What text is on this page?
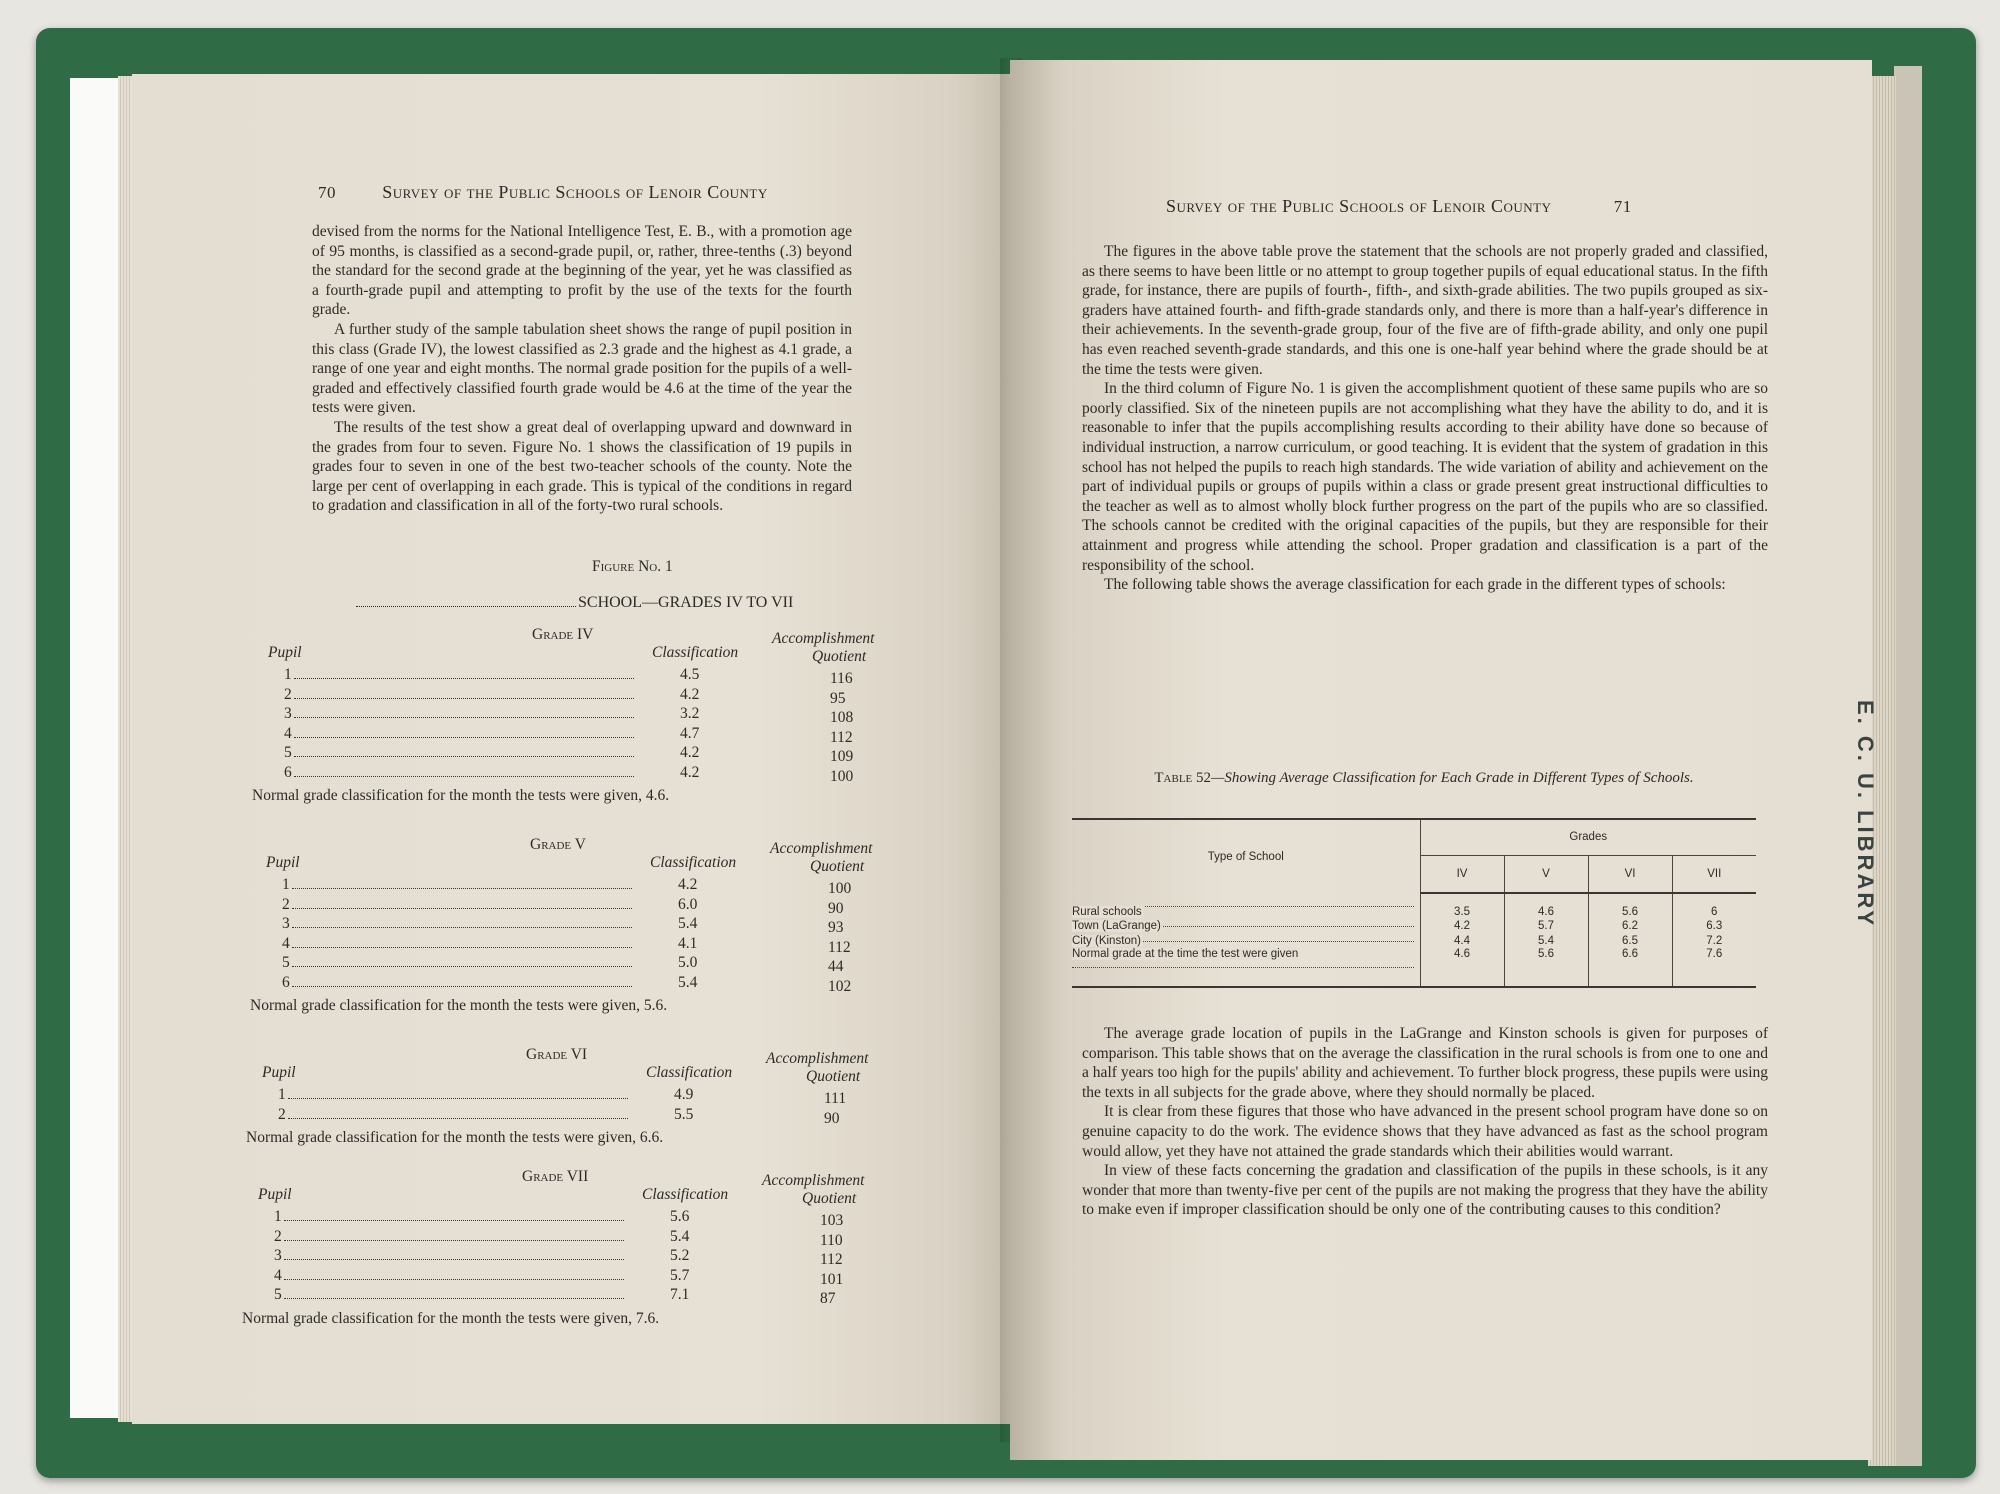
70	Survey of the Public Schools of Lenoir County

devised from the norms for the National Intelligence Test, E. B., with a promotion age of 95 months, is classified as a second-grade pupil, or, rather, three-tenths (.3) beyond the standard for the second grade at the beginning of the year, yet he was classified as a fourth-grade pupil and attempting to profit by the use of the texts for the fourth grade.

A further study of the sample tabulation sheet shows the range of pupil position in this class (Grade IV), the lowest classified as 2.3 grade and the highest as 4.1 grade, a range of one year and eight months. The normal grade position for the pupils of a well-graded and effectively classified fourth grade would be 4.6 at the time of the year the tests were given.

The results of the test show a great deal of overlapping upward and downward in the grades from four to seven. Figure No. 1 shows the classification of 19 pupils in grades four to seven in one of the best two-teacher schools of the county. Note the large per cent of overlapping in each grade. This is typical of the conditions in regard to gradation and classification in all of the forty-two rural schools.

Figure No. 1
SCHOOL—GRADES IV TO VII
Grade IV
Pupil	Classification
Accomplishment
Quotient
1	4.5	116
2	4.2	95
3	3.2	108
4	4.7	112
5	4.2	109
6	4.2	100
Normal grade classification for the month the tests were given, 4.6.
Grade V
Pupil	Classification
Accomplishment
Quotient
1	4.2	100
2	6.0	90
3	5.4	93
4	4.1	112
5	5.0	44
6	5.4	102
Normal grade classification for the month the tests were given, 5.6.
Grade VI
Pupil	Classification
Accomplishment
Quotient
1	4.9	111
2	5.5	90
Normal grade classification for the month the tests were given, 6.6.
Grade VII
Pupil	Classification
Accomplishment
Quotient
1	5.6	103
2	5.4	110
3	5.2	112
4	5.7	101
5	7.1	87
Normal grade classification for the month the tests were given, 7.6.
Survey of the Public Schools of Lenoir County	71

The figures in the above table prove the statement that the schools are not properly graded and classified, as there seems to have been little or no attempt to group together pupils of equal educational status. In the fifth grade, for instance, there are pupils of fourth-, fifth-, and sixth-grade abilities. The two pupils grouped as six-graders have attained fourth- and fifth-grade standards only, and there is more than a half-year's difference in their achievements. In the seventh-grade group, four of the five are of fifth-grade ability, and only one pupil has even reached seventh-grade standards, and this one is one-half year behind where the grade should be at the time the tests were given.

In the third column of Figure No. 1 is given the accomplishment quotient of these same pupils who are so poorly classified. Six of the nineteen pupils are not accomplishing what they have the ability to do, and it is reasonable to infer that the pupils accomplishing results according to their ability have done so because of individual instruction, a narrow curriculum, or good teaching. It is evident that the system of gradation in this school has not helped the pupils to reach high standards. The wide variation of ability and achievement on the part of individual pupils or groups of pupils within a class or grade present great instructional difficulties to the teacher as well as to almost wholly block further progress on the part of the pupils who are so classified. The schools cannot be credited with the original capacities of the pupils, but they are responsible for their attainment and progress while attending the school. Proper gradation and classification is a part of the responsibility of the school.

The following table shows the average classification for each grade in the different types of schools:

Table 52—Showing Average Classification for Each Grade in Different Types of Schools.
Type of School	Grades			
	IV	V	VI	VII

Rural schools	3.5	4.6	5.6	6

Town (LaGrange)	4.2	5.7	6.2	6.3

City (Kinston)	4.4	5.4	6.5	7.2

Normal grade at the time the test were given	4.6	5.6	6.6	7.6

The average grade location of pupils in the LaGrange and Kinston schools is given for purposes of comparison. This table shows that on the average the classification in the rural schools is from one to one and a half years too high for the pupils' ability and achievement. To further block progress, these pupils were using the texts in all subjects for the grade above, where they should normally be placed.

It is clear from these figures that those who have advanced in the present school program have done so on genuine capacity to do the work. The evidence shows that they have advanced as fast as the school program would allow, yet they have not attained the grade standards which their abilities would warrant.

In view of these facts concerning the gradation and classification of the pupils in these schools, is it any wonder that more than twenty-five per cent of the pupils are not making the progress that they have the ability to make even if improper classification should be only one of the contributing causes to this condition?

E. C. U. LIBRARY
